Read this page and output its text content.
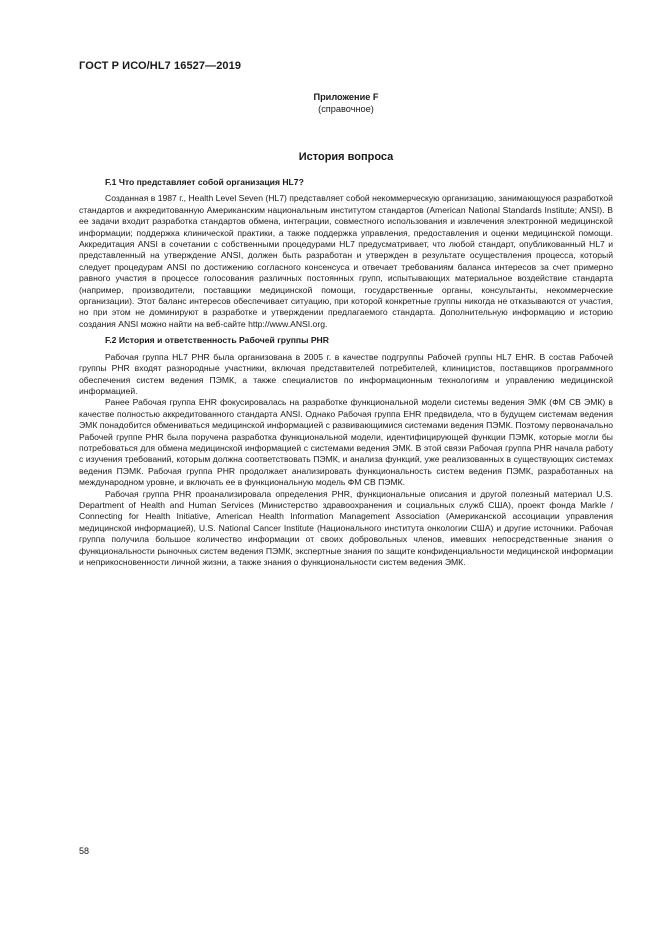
ГОСТ Р ИСО/HL7 16527—2019
Приложение F
(справочное)
История вопроса
F.1 Что представляет собой организация HL7?

Созданная в 1987 г., Health Level Seven (HL7) представляет собой некоммерческую организацию, занимающуюся разработкой стандартов и аккредитованную Американским национальным институтом стандартов (American National Standards Institute; ANSI). В ее задачи входит разработка стандартов обмена, интеграции, совместного использования и извлечения электронной медицинской информации; поддержка клинической практики, а также поддержка управления, предоставления и оценки медицинской помощи. Аккредитация ANSI в сочетании с собственными процедурами HL7 предусматривает, что любой стандарт, опубликованный HL7 и представленный на утверждение ANSI, должен быть разработан и утвержден в результате осуществления процесса, который следует процедурам ANSI по достижению согласного консенсуса и отвечает требованиям баланса интересов за счет примерно равного участия в процессе голосования различных постоянных групп, испытывающих материальное воздействие стандарта (например, производители, поставщики медицинской помощи, государственные органы, консультанты, некоммерческие организации). Этот баланс интересов обеспечивает ситуацию, при которой конкретные группы никогда не отказываются от участия, но при этом не доминируют в разработке и утверждении предлагаемого стандарта. Дополнительную информацию и историю создания ANSI можно найти на веб-сайте http://www.ANSI.org.

F.2 История и ответственность Рабочей группы PHR

Рабочая группа HL7 PHR была организована в 2005 г. в качестве подгруппы Рабочей группы HL7 EHR. В состав Рабочей группы PHR входят разнородные участники, включая представителей потребителей, клиницистов, поставщиков программного обеспечения систем ведения ПЭМК, а также специалистов по информационным технологиям и управлению медицинской информацией.

Ранее Рабочая группа EHR фокусировалась на разработке функциональной модели системы ведения ЭМК (ФМ СВ ЭМК) в качестве полностью аккредитованного стандарта ANSI. Однако Рабочая группа EHR предвидела, что в будущем системам ведения ЭМК понадобится обмениваться медицинской информацией с развивающимися системами ведения ПЭМК. Поэтому первоначально Рабочей группе PHR была поручена разработка функциональной модели, идентифицирующей функции ПЭМК, которые могли бы потребоваться для обмена медицинской информацией с системами ведения ЭМК. В этой связи Рабочая группа PHR начала работу с изучения требований, которым должна соответствовать ПЭМК, и анализа функций, уже реализованных в существующих системах ведения ПЭМК. Рабочая группа PHR продолжает анализировать функциональность систем ведения ПЭМК, разработанных на международном уровне, и включать ее в функциональную модель ФМ СВ ПЭМК.

Рабочая группа PHR проанализировала определения PHR, функциональные описания и другой полезный материал U.S. Department of Health and Human Services (Министерство здравоохранения и социальных служб США), проект фонда Markle / Connecting for Health Initiative, American Health Information Management Association (Американской ассоциации управления медицинской информацией), U.S. National Cancer Institute (Национального института онкологии США) и другие источники. Рабочая группа получила большое количество информации от своих добровольных членов, имевших непосредственные знания о функциональности рыночных систем ведения ПЭМК, экспертные знания по защите конфиденциальности медицинской информации и неприкосновенности личной жизни, а также знания о функциональности систем ведения ЭМК.

58
